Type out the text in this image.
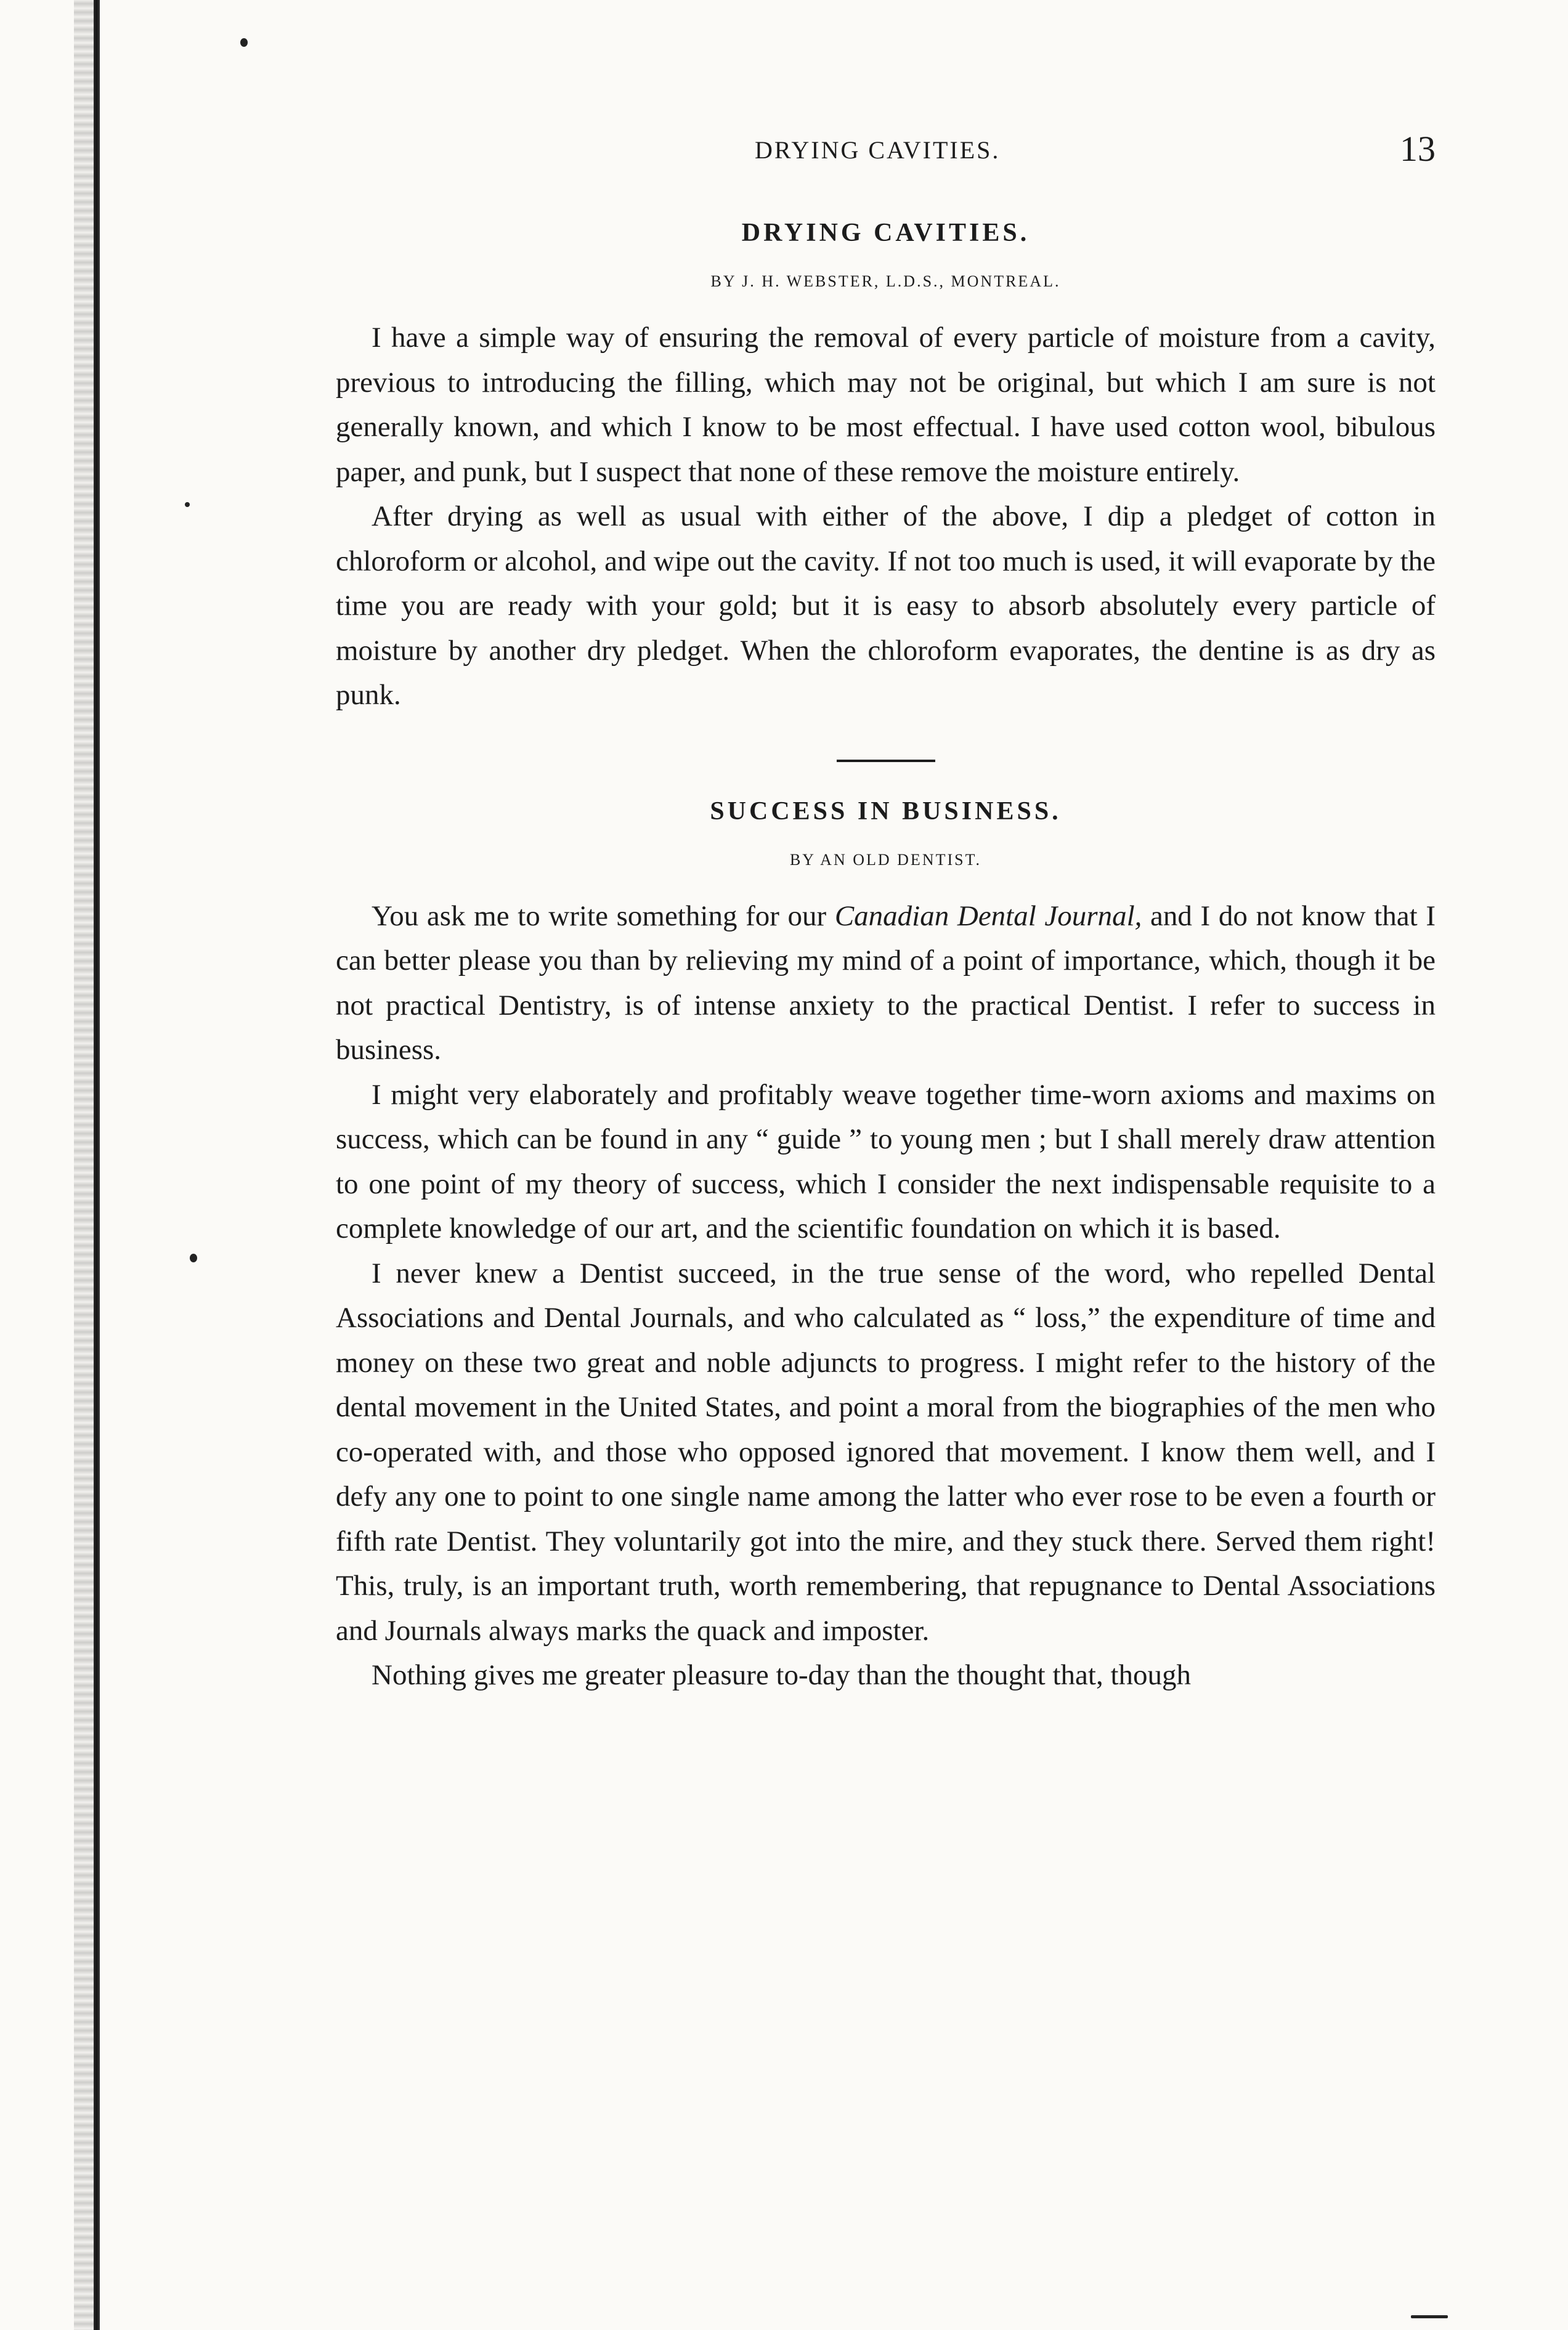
DRYING CAVITIES.	13
DRYING CAVITIES.
BY J. H. WEBSTER, L.D.S., MONTREAL.

I have a simple way of ensuring the removal of every particle of moisture from a cavity, previous to introducing the filling, which may not be original, but which I am sure is not generally known, and which I know to be most effectual. I have used cotton wool, bibulous paper, and punk, but I suspect that none of these remove the moisture entirely.

After drying as well as usual with either of the above, I dip a pledget of cotton in chloroform or alcohol, and wipe out the cavity. If not too much is used, it will evaporate by the time you are ready with your gold; but it is easy to absorb absolutely every particle of moisture by another dry pledget. When the chloroform evaporates, the dentine is as dry as punk.

SUCCESS IN BUSINESS.
BY AN OLD DENTIST.

You ask me to write something for our Canadian Dental Journal, and I do not know that I can better please you than by relieving my mind of a point of importance, which, though it be not practical Dentistry, is of intense anxiety to the practical Dentist. I refer to success in business.

I might very elaborately and profitably weave together time-worn axioms and maxims on success, which can be found in any “ guide ” to young men ; but I shall merely draw attention to one point of my theory of success, which I consider the next indispensable requisite to a complete knowledge of our art, and the scientific foundation on which it is based.

I never knew a Dentist succeed, in the true sense of the word, who repelled Dental Associations and Dental Journals, and who calculated as “ loss,” the expenditure of time and money on these two great and noble adjuncts to progress. I might refer to the history of the dental movement in the United States, and point a moral from the biographies of the men who co-operated with, and those who opposed ignored that movement. I know them well, and I defy any one to point to one single name among the latter who ever rose to be even a fourth or fifth rate Dentist. They voluntarily got into the mire, and they stuck there. Served them right! This, truly, is an important truth, worth remembering, that repugnance to Dental Associations and Journals always marks the quack and imposter.

Nothing gives me greater pleasure to-day than the thought that, though
